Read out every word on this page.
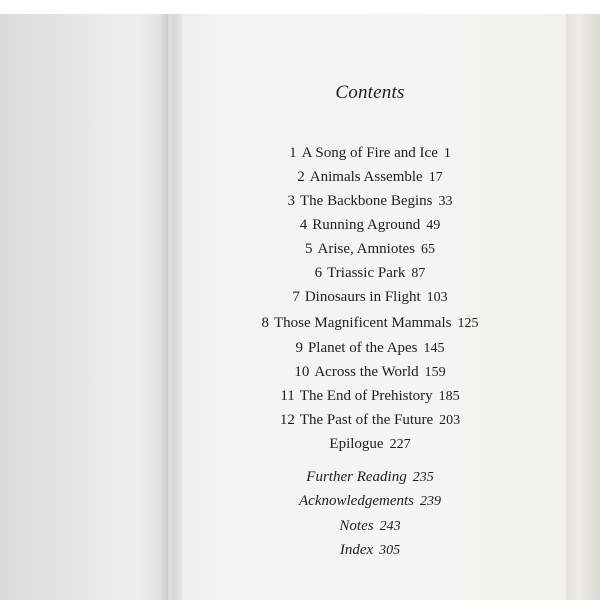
Contents
1 A Song of Fire and Ice 1
2 Animals Assemble 17
3 The Backbone Begins 33
4 Running Aground 49
5 Arise, Amniotes 65
6 Triassic Park 87
7 Dinosaurs in Flight 103
8 Those Magnificent Mammals 125
9 Planet of the Apes 145
10 Across the World 159
11 The End of Prehistory 185
12 The Past of the Future 203
Epilogue 227
Further Reading 235
Acknowledgements 239
Notes 243
Index 305
